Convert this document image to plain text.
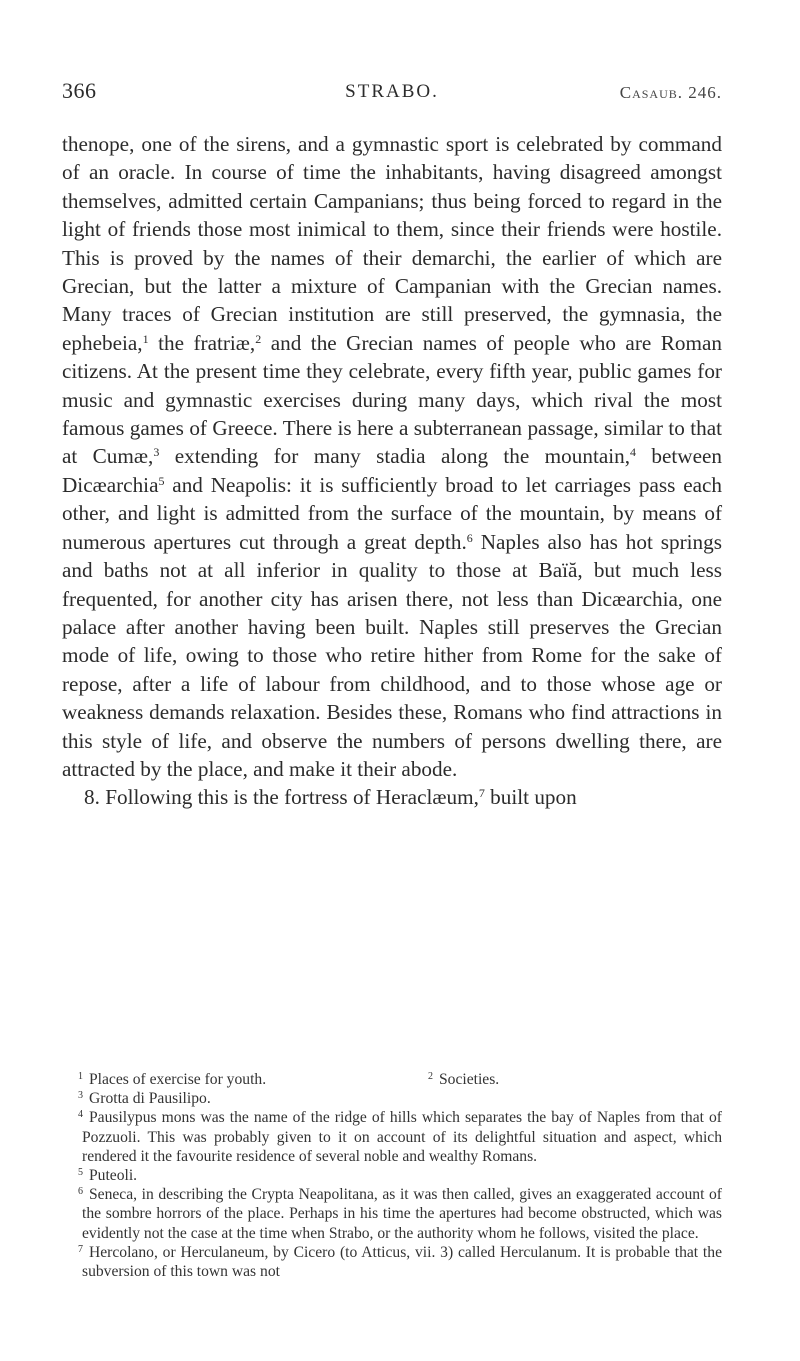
366	STRABO.	Casaub. 246.

thenope, one of the sirens, and a gymnastic sport is celebrated by command of an oracle. In course of time the inhabitants, having disagreed amongst themselves, admitted certain Campanians; thus being forced to regard in the light of friends those most inimical to them, since their friends were hostile. This is proved by the names of their demarchi, the earlier of which are Grecian, but the latter a mixture of Campanian with the Grecian names. Many traces of Grecian institution are still preserved, the gymnasia, the ephebeia,$^1$ the fratriæ,$^2$ and the Grecian names of people who are Roman citizens. At the present time they celebrate, every fifth year, public games for music and gymnastic exercises during many days, which rival the most famous games of Greece. There is here a subterranean passage, similar to that at Cumæ,$^3$ extending for many stadia along the mountain,$^4$ between Dicæarchia$^5$ and Neapolis: it is sufficiently broad to let carriages pass each other, and light is admitted from the surface of the mountain, by means of numerous apertures cut through a great depth.$^6$ Naples also has hot springs and baths not at all inferior in quality to those at Baïă, but much less frequented, for another city has arisen there, not less than Dicæarchia, one palace after another having been built. Naples still preserves the Grecian mode of life, owing to those who retire hither from Rome for the sake of repose, after a life of labour from childhood, and to those whose age or weakness demands relaxation. Besides these, Romans who find attractions in this style of life, and observe the numbers of persons dwelling there, are attracted by the place, and make it their abode.

8. Following this is the fortress of Heraclæum,$^7$ built upon

$^1$ Places of exercise for youth.	$^2$ Societies.

$^3$ Grotta di Pausilipo.

$^4$ Pausilypus mons was the name of the ridge of hills which separates the bay of Naples from that of Pozzuoli. This was probably given to it on account of its delightful situation and aspect, which rendered it the favourite residence of several noble and wealthy Romans.

$^5$ Puteoli.

$^6$ Seneca, in describing the Crypta Neapolitana, as it was then called, gives an exaggerated account of the sombre horrors of the place. Perhaps in his time the apertures had become obstructed, which was evidently not the case at the time when Strabo, or the authority whom he follows, visited the place.

$^7$ Hercolano, or Herculaneum, by Cicero (to Atticus, vii. 3) called Herculanum. It is probable that the subversion of this town was not
